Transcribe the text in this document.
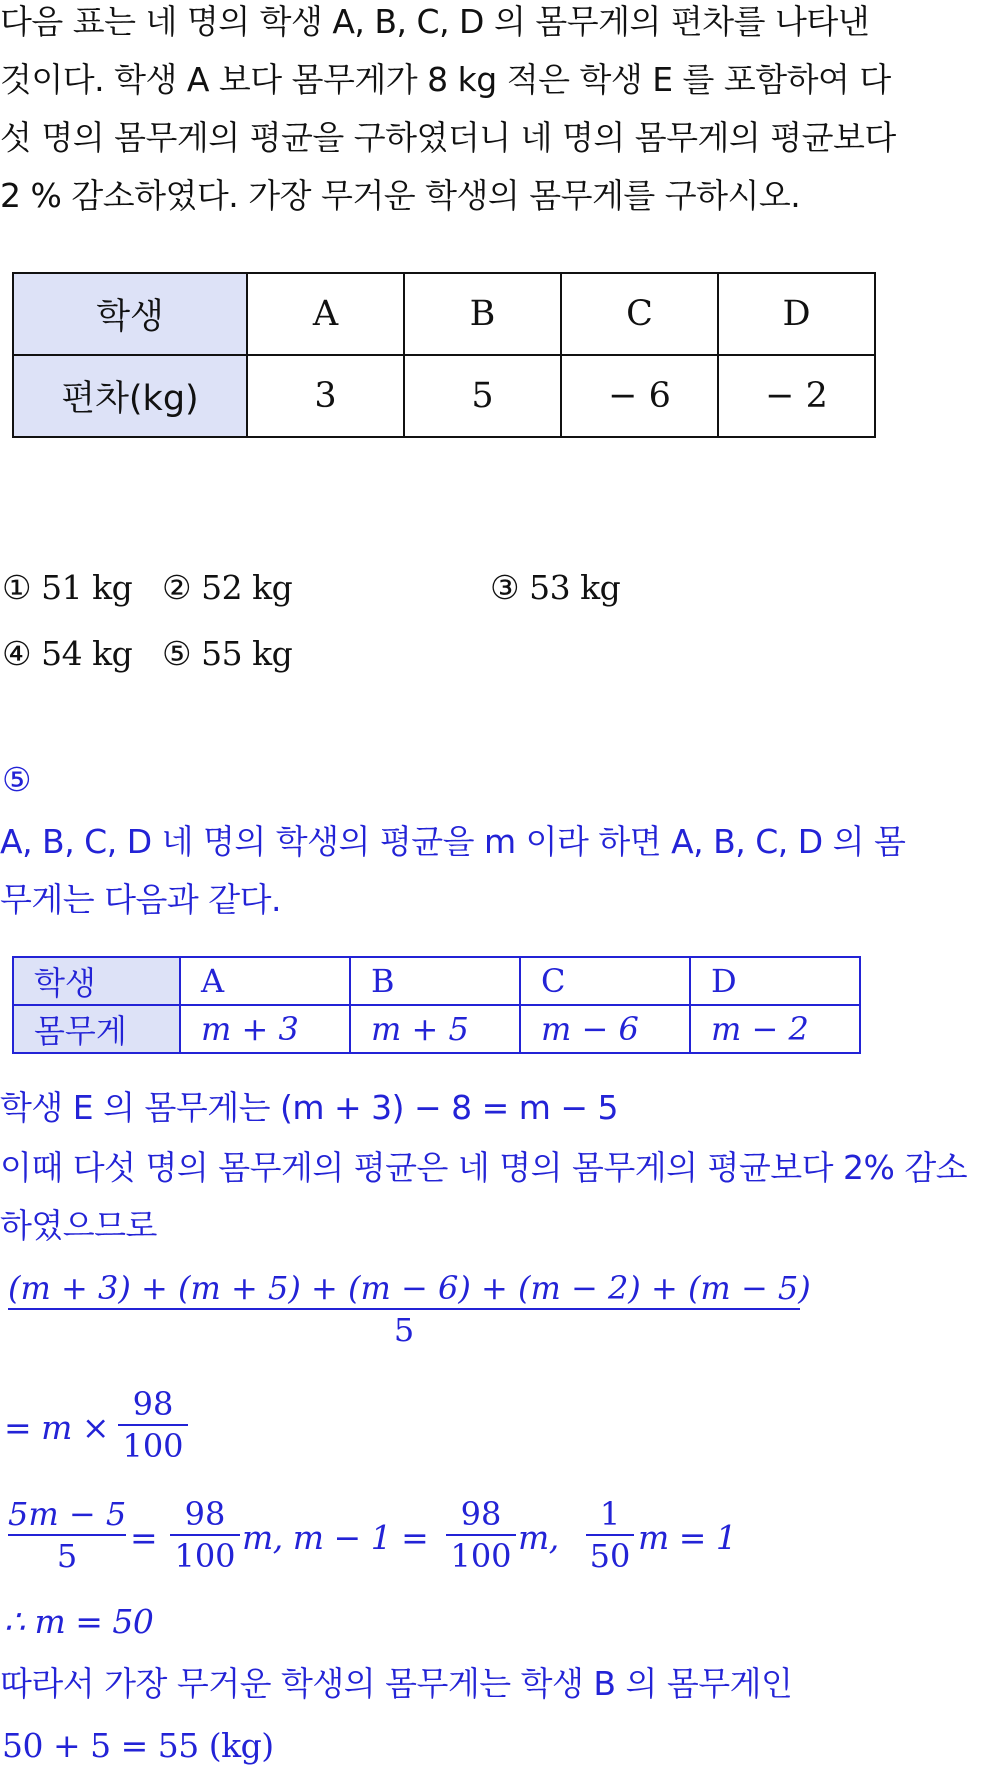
다음 표는 네 명의 학생 A, B, C, D 의 몸무게의 편차를 나타낸
것이다. 학생 A 보다 몸무게가 8 kg 적은 학생 E 를 포함하여 다
섯 명의 몸무게의 평균을 구하였더니 네 명의 몸무게의 평균보다
2 % 감소하였다. 가장 무거운 학생의 몸무게를 구하시오.
학생	A	B	C	D
편차(kg)	3	5	− 6	− 2
① 51 kg ② 52 kg	③ 53 kg
④ 54 kg ⑤ 55 kg
⑤
A, B, C, D 네 명의 학생의 평균을 m 이라 하면 A, B, C, D 의 몸
무게는 다음과 같다.
학생	A	B	C	D
몸무게	m + 3	m + 5	m − 6	m − 2
학생 E 의 몸무게는 (m + 3) − 8 = m − 5
이때 다섯 명의 몸무게의 평균은 네 명의 몸무게의 평균보다 2% 감소
하였으므로
(m + 3) + (m + 5) + (m − 6) + (m − 2) + (m − 5)
5
= m ×
98
100
5m − 5
5	=
98
100 m, m − 1 =
98
100 m,
1
50 m = 1
∴ m = 50
따라서 가장 무거운 학생의 몸무게는 학생 B 의 몸무게인
50 + 5 = 55 (kg)
